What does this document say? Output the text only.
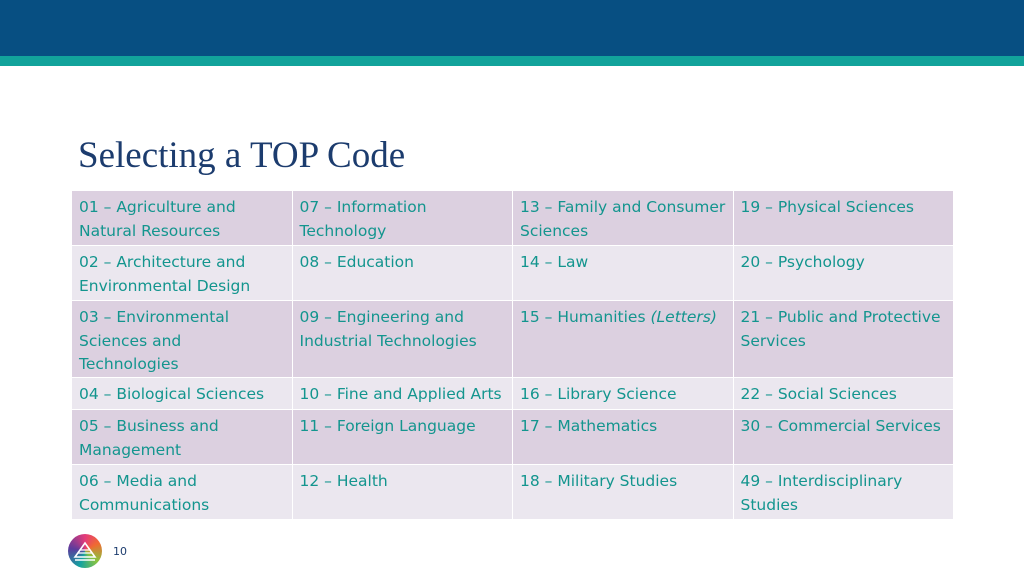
Selecting a TOP Code
01 – Agriculture and Natural Resources	07 – Information Technology	13 – Family and Consumer Sciences	19 – Physical Sciences
02 – Architecture and Environmental Design	08 – Education	14 – Law	20 – Psychology
03 – Environmental Sciences and Technologies	09 – Engineering and Industrial Technologies	15 – Humanities (Letters)	21 – Public and Protective Services
04 – Biological Sciences	10 – Fine and Applied Arts	16 – Library Science	22 – Social Sciences
05 – Business and Management	11 – Foreign Language	17 – Mathematics	30 – Commercial Services
06 – Media and Communications	12 – Health	18 – Military Studies	49 – Interdisciplinary Studies
10
